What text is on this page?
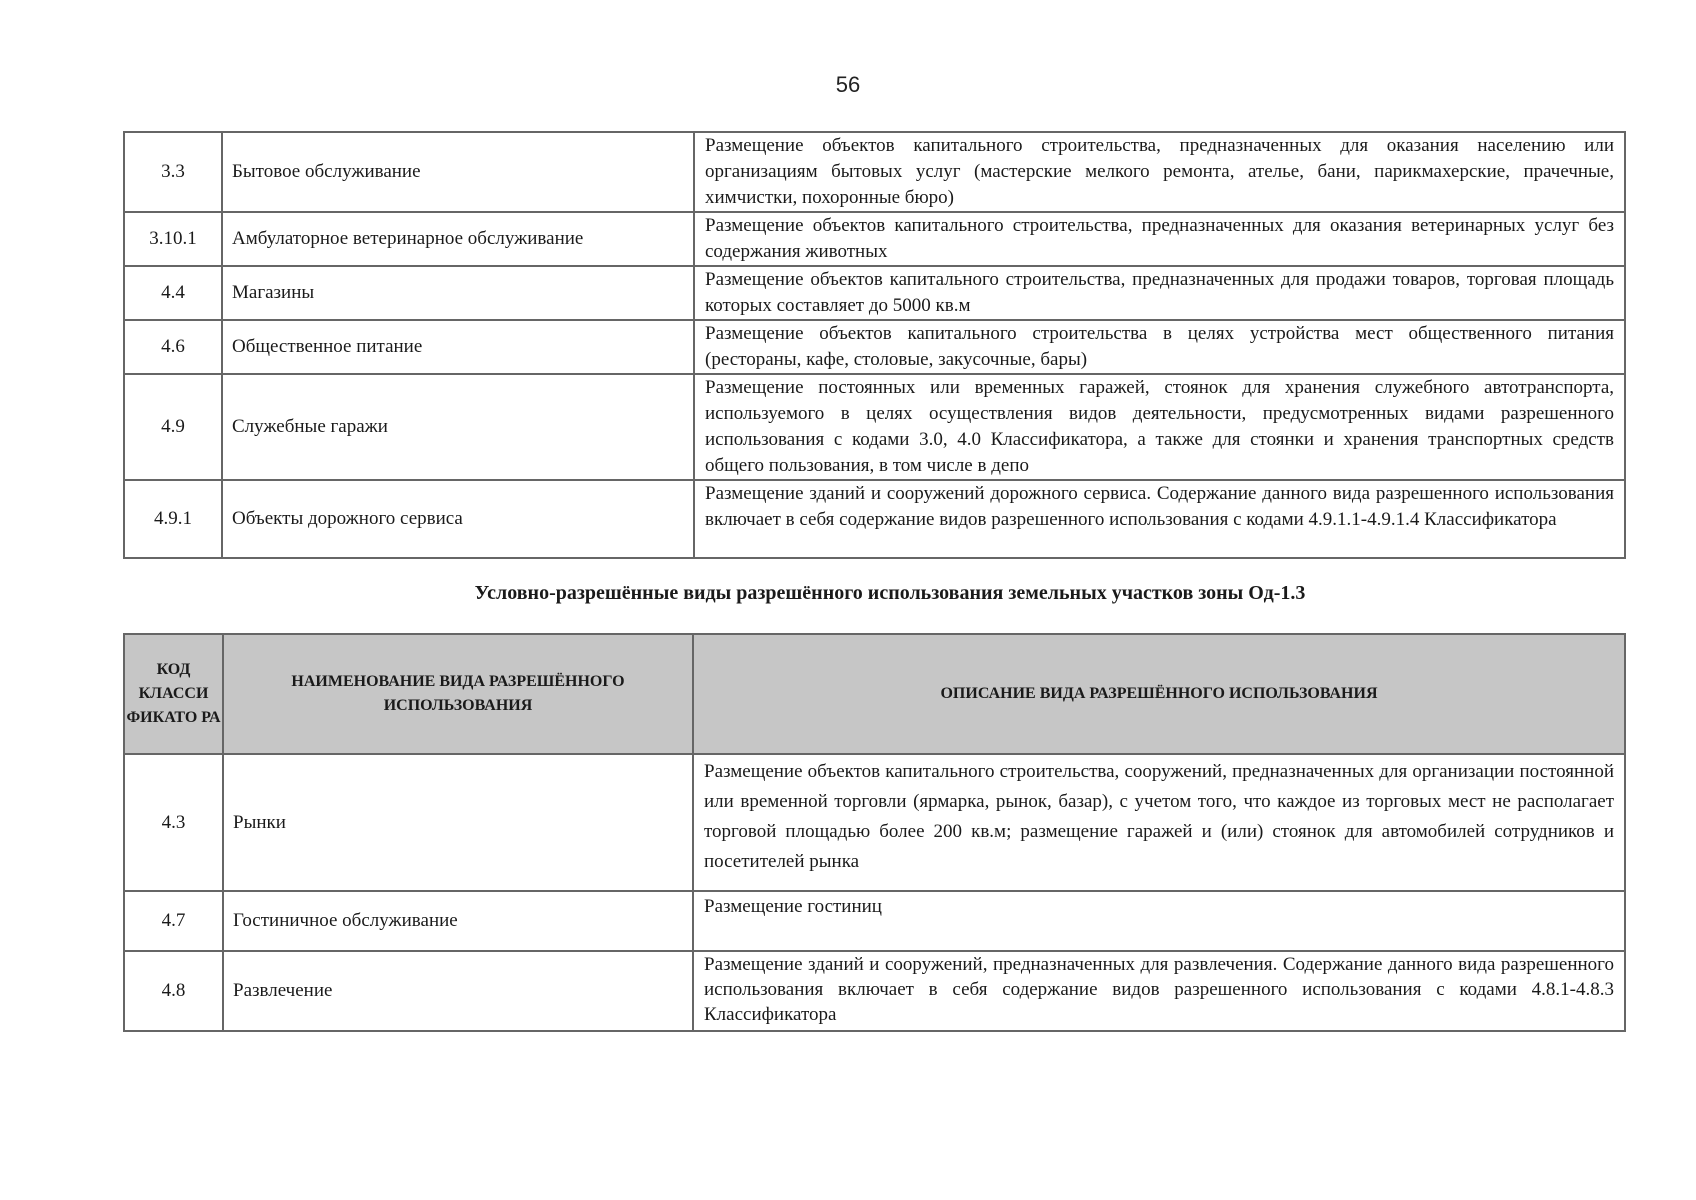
56
3.3	Бытовое обслуживание	Размещение объектов капитального строительства, предназначенных для оказания населению или организациям бытовых услуг (мастерские мелкого ремонта, ателье, бани, парикмахерские, прачечные, химчистки, похоронные бюро)
3.10.1	Амбулаторное ветеринарное обслуживание	Размещение объектов капитального строительства, предназначенных для оказания ветеринарных услуг без содержания животных
4.4	Магазины	Размещение объектов капитального строительства, предназначенных для продажи товаров, торговая площадь которых составляет до 5000 кв.м
4.6	Общественное питание	Размещение объектов капитального строительства в целях устройства мест общественного питания (рестораны, кафе, столовые, закусочные, бары)
4.9	Служебные гаражи	Размещение постоянных или временных гаражей, стоянок для хранения служебного автотранспорта, используемого в целях осуществления видов деятельности, предусмотренных видами разрешенного использования с кодами 3.0, 4.0 Классификатора, а также для стоянки и хранения транспортных средств общего пользования, в том числе в депо
4.9.1	Объекты дорожного сервиса	Размещение зданий и сооружений дорожного сервиса. Содержание данного вида разрешенного использования включает в себя содержание видов разрешенного использования с кодами 4.9.1.1-4.9.1.4 Классификатора
Условно-разрешённые виды разрешённого использования земельных участков зоны Од-1.3
КОД КЛАССИ ФИКАТО РА	НАИМЕНОВАНИЕ ВИДА РАЗРЕШЁННОГО ИСПОЛЬЗОВАНИЯ	ОПИСАНИЕ ВИДА РАЗРЕШЁННОГО ИСПОЛЬЗОВАНИЯ
4.3	Рынки	Размещение объектов капитального строительства, сооружений, предназначенных для организации постоянной или временной торговли (ярмарка, рынок, базар), с учетом того, что каждое из торговых мест не располагает торговой площадью более 200 кв.м; размещение гаражей и (или) стоянок для автомобилей сотрудников и посетителей рынка
4.7	Гостиничное обслуживание	Размещение гостиниц
4.8	Развлечение	Размещение зданий и сооружений, предназначенных для развлечения. Содержание данного вида разрешенного использования включает в себя содержание видов разрешенного использования с кодами 4.8.1-4.8.3 Классификатора
